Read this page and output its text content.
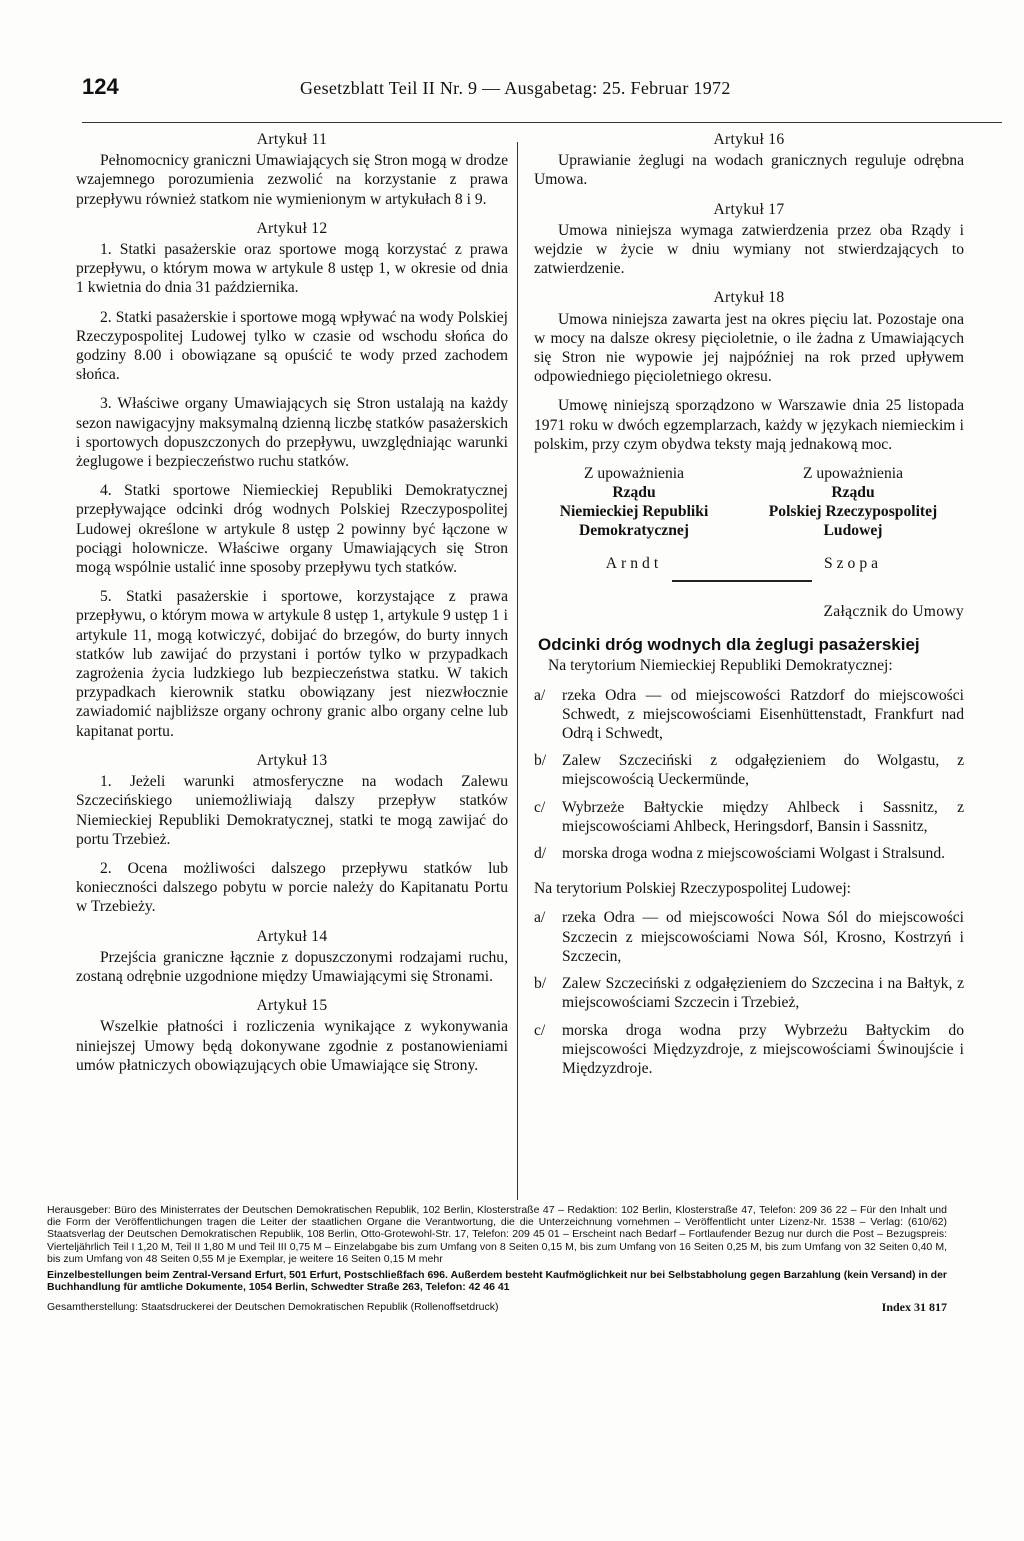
124	Gesetzblatt Teil II Nr. 9 — Ausgabetag: 25. Februar 1972
Artykuł 11

Pełnomocnicy graniczni Umawiających się Stron mogą w drodze wzajemnego porozumienia zezwolić na korzystanie z prawa przepływu również statkom nie wymienionym w artykułach 8 i 9.

Artykuł 12

1. Statki pasażerskie oraz sportowe mogą korzystać z prawa przepływu, o którym mowa w artykule 8 ustęp 1, w okresie od dnia 1 kwietnia do dnia 31 października.

2. Statki pasażerskie i sportowe mogą wpływać na wody Polskiej Rzeczypospolitej Ludowej tylko w czasie od wschodu słońca do godziny 8.00 i obowiązane są opuścić te wody przed zachodem słońca.

3. Właściwe organy Umawiających się Stron ustalają na każdy sezon nawigacyjny maksymalną dzienną liczbę statków pasażerskich i sportowych dopuszczonych do przepływu, uwzględniając warunki żeglugowe i bezpieczeństwo ruchu statków.

4. Statki sportowe Niemieckiej Republiki Demokratycznej przepływające odcinki dróg wodnych Polskiej Rzeczypospolitej Ludowej określone w artykule 8 ustęp 2 powinny być łączone w pociągi holownicze. Właściwe organy Umawiających się Stron mogą wspólnie ustalić inne sposoby przepływu tych statków.

5. Statki pasażerskie i sportowe, korzystające z prawa przepływu, o którym mowa w artykule 8 ustęp 1, artykule 9 ustęp 1 i artykule 11, mogą kotwiczyć, dobijać do brzegów, do burty innych statków lub zawijać do przystani i portów tylko w przypadkach zagrożenia życia ludzkiego lub bezpieczeństwa statku. W takich przypadkach kierownik statku obowiązany jest niezwłocznie zawiadomić najbliższe organy ochrony granic albo organy celne lub kapitanat portu.

Artykuł 13

1. Jeżeli warunki atmosferyczne na wodach Zalewu Szczecińskiego uniemożliwiają dalszy przepływ statków Niemieckiej Republiki Demokratycznej, statki te mogą zawijać do portu Trzebież.

2. Ocena możliwości dalszego przepływu statków lub konieczności dalszego pobytu w porcie należy do Kapitanatu Portu w Trzebieży.

Artykuł 14

Przejścia graniczne łącznie z dopuszczonymi rodzajami ruchu, zostaną odrębnie uzgodnione między Umawiającymi się Stronami.

Artykuł 15

Wszelkie płatności i rozliczenia wynikające z wykonywania niniejszej Umowy będą dokonywane zgodnie z postanowieniami umów płatniczych obowiązujących obie Umawiające się Strony.

Artykuł 16

Uprawianie żeglugi na wodach granicznych reguluje odrębna Umowa.

Artykuł 17

Umowa niniejsza wymaga zatwierdzenia przez oba Rządy i wejdzie w życie w dniu wymiany not stwierdzających to zatwierdzenie.

Artykuł 18

Umowa niniejsza zawarta jest na okres pięciu lat. Pozostaje ona w mocy na dalsze okresy pięcioletnie, o ile żadna z Umawiających się Stron nie wypowie jej najpóźniej na rok przed upływem odpowiedniego pięcioletniego okresu.

Umowę niniejszą sporządzono w Warszawie dnia 25 listopada 1971 roku w dwóch egzemplarzach, każdy w językach niemieckim i polskim, przy czym obydwa teksty mają jednakową moc.

Z upoważnienia
Rządu
Niemieckiej Republiki
Demokratycznej
Arndt
Z upoważnienia
Rządu
Polskiej Rzeczypospolitej
Ludowej
Szopa
Załącznik do Umowy
Odcinki dróg wodnych dla żeglugi pasażerskiej

Na terytorium Niemieckiej Republiki Demokratycznej:

a/	rzeka Odra — od miejscowości Ratzdorf do miejscowości Schwedt, z miejscowościami Eisenhüttenstadt, Frankfurt nad Odrą i Schwedt,
b/	Zalew Szczeciński z odgałęzieniem do Wolgastu, z miejscowością Ueckermünde,
c/	Wybrzeże Bałtyckie między Ahlbeck i Sassnitz, z miejscowościami Ahlbeck, Heringsdorf, Bansin i Sassnitz,
d/	morska droga wodna z miejscowościami Wolgast i Stralsund.

Na terytorium Polskiej Rzeczypospolitej Ludowej:

a/	rzeka Odra — od miejscowości Nowa Sól do miejscowości Szczecin z miejscowościami Nowa Sól, Krosno, Kostrzyń i Szczecin,
b/	Zalew Szczeciński z odgałęzieniem do Szczecina i na Bałtyk, z miejscowościami Szczecin i Trzebież,
c/	morska droga wodna przy Wybrzeżu Bałtyckim do miejscowości Międzyzdroje, z miejscowościami Świnoujście i Międzyzdroje.
Herausgeber: Büro des Ministerrates der Deutschen Demokratischen Republik, 102 Berlin, Klosterstraße 47 – Redaktion: 102 Berlin, Klosterstraße 47, Telefon: 209 36 22 – Für den Inhalt und die Form der Veröffentlichungen tragen die Leiter der staatlichen Organe die Verantwortung, die die Unterzeichnung vornehmen – Veröffentlicht unter Lizenz-Nr. 1538 – Verlag: (610/62) Staatsverlag der Deutschen Demokratischen Republik, 108 Berlin, Otto-Grotewohl-Str. 17, Telefon: 209 45 01 – Erscheint nach Bedarf – Fortlaufender Bezug nur durch die Post – Bezugspreis: Vierteljährlich Teil I 1,20 M, Teil II 1,80 M und Teil III 0,75 M – Einzelabgabe bis zum Umfang von 8 Seiten 0,15 M, bis zum Umfang von 16 Seiten 0,25 M, bis zum Umfang von 32 Seiten 0,40 M, bis zum Umfang von 48 Seiten 0,55 M je Exemplar, je weitere 16 Seiten 0,15 M mehr
Einzelbestellungen beim Zentral-Versand Erfurt, 501 Erfurt, Postschließfach 696. Außerdem besteht Kaufmöglichkeit nur bei Selbstabholung gegen Barzahlung (kein Versand) in der Buchhandlung für amtliche Dokumente, 1054 Berlin, Schwedter Straße 263, Telefon: 42 46 41
Gesamtherstellung: Staatsdruckerei der Deutschen Demokratischen Republik (Rollenoffsetdruck)	Index 31 817
